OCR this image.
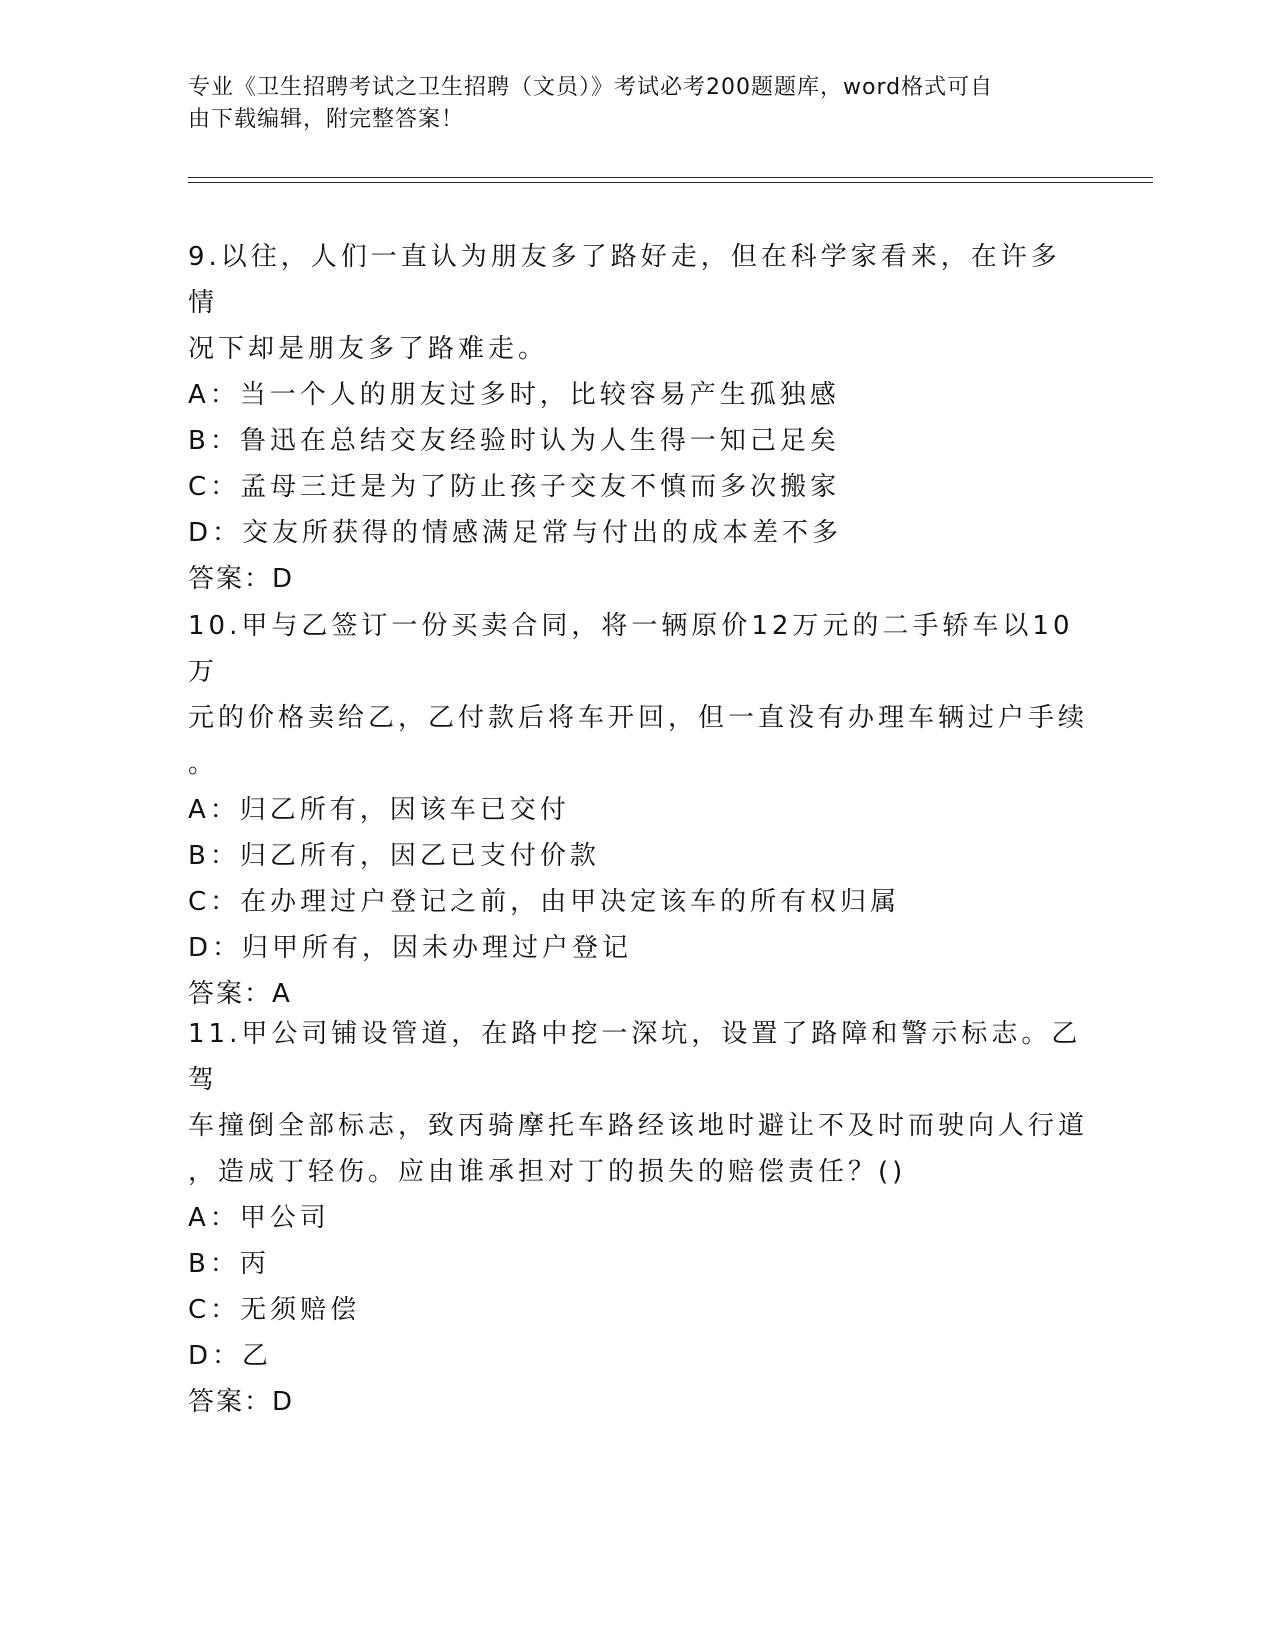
专业《卫生招聘考试之卫生招聘（文员）》考试必考200题题库，word格式可自
由下载编辑，附完整答案！

9.以往，人们一直认为朋友多了路好走，但在科学家看来，在许多情

况下却是朋友多了路难走。

A：当一个人的朋友过多时，比较容易产生孤独感

B：鲁迅在总结交友经验时认为人生得一知己足矣

C：孟母三迁是为了防止孩子交友不慎而多次搬家

D：交友所获得的情感满足常与付出的成本差不多

答案：D

10.甲与乙签订一份买卖合同，将一辆原价12万元的二手轿车以10万

元的价格卖给乙，乙付款后将车开回，但一直没有办理车辆过户手续

。

A：归乙所有，因该车已交付

B：归乙所有，因乙已支付价款

C：在办理过户登记之前，由甲决定该车的所有权归属

D：归甲所有，因未办理过户登记

答案：A

11.甲公司铺设管道，在路中挖一深坑，设置了路障和警示标志。乙驾

车撞倒全部标志，致丙骑摩托车路经该地时避让不及时而驶向人行道

，造成丁轻伤。应由谁承担对丁的损失的赔偿责任？()

A：甲公司

B：丙

C：无须赔偿

D：乙

答案：D
